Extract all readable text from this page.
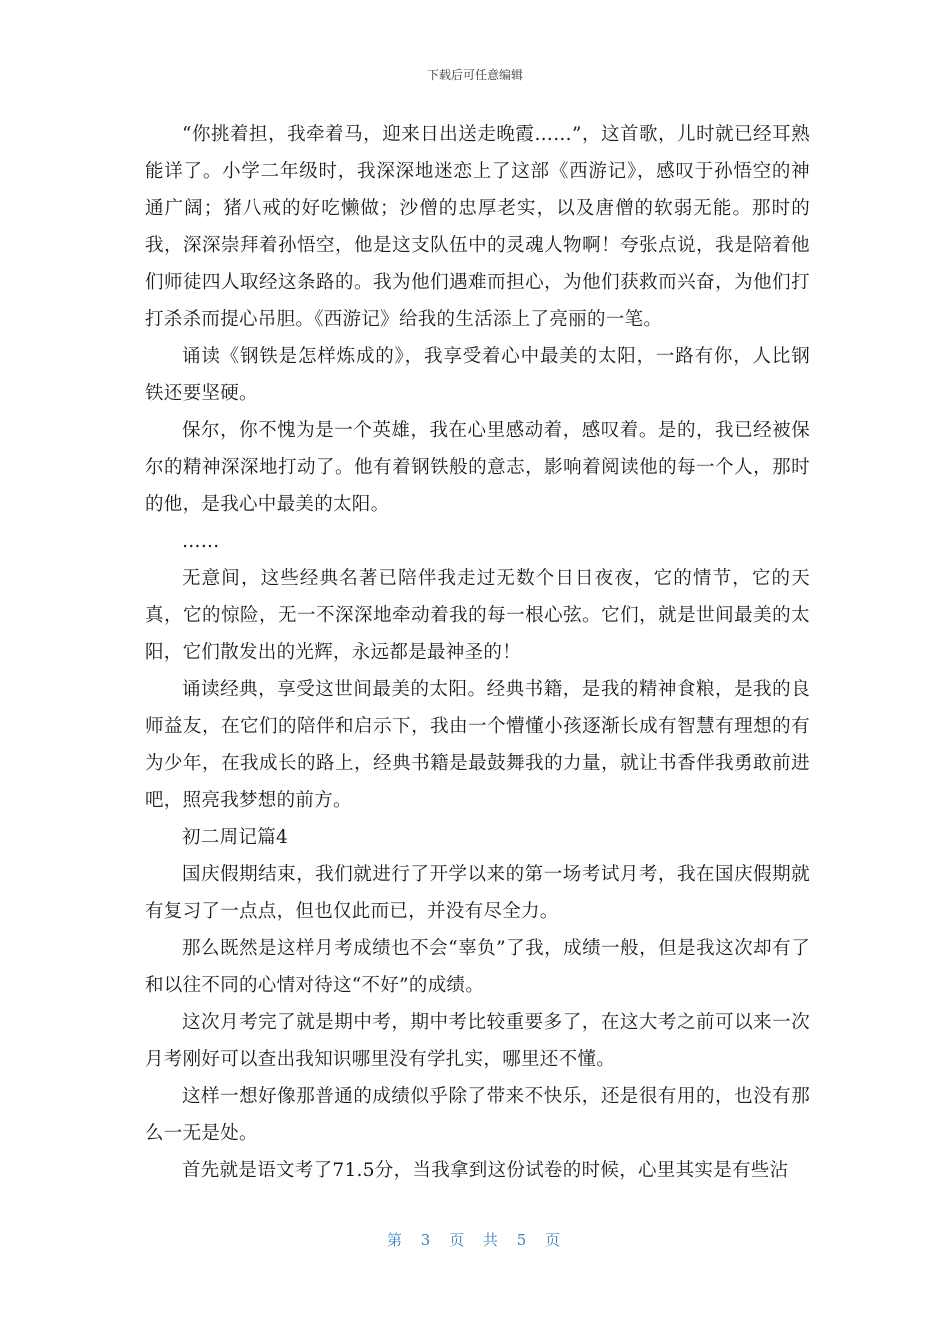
下载后可任意编辑

“你挑着担，我牵着马，迎来日出送走晚霞……”，这首歌，儿时就已经耳熟能详了。小学二年级时，我深深地迷恋上了这部《西游记》，感叹于孙悟空的神通广阔；猪八戒的好吃懒做；沙僧的忠厚老实，以及唐僧的软弱无能。那时的我，深深崇拜着孙悟空，他是这支队伍中的灵魂人物啊！夸张点说，我是陪着他们师徒四人取经这条路的。我为他们遇难而担心，为他们获救而兴奋，为他们打打杀杀而提心吊胆。《西游记》给我的生活添上了亮丽的一笔。

诵读《钢铁是怎样炼成的》，我享受着心中最美的太阳，一路有你，人比钢铁还要坚硬。

保尔，你不愧为是一个英雄，我在心里感动着，感叹着。是的，我已经被保尔的精神深深地打动了。他有着钢铁般的意志，影响着阅读他的每一个人，那时的他，是我心中最美的太阳。

……

无意间，这些经典名著已陪伴我走过无数个日日夜夜，它的情节，它的天真，它的惊险，无一不深深地牵动着我的每一根心弦。它们，就是世间最美的太阳，它们散发出的光辉，永远都是最神圣的！

诵读经典，享受这世间最美的太阳。经典书籍，是我的精神食粮，是我的良师益友，在它们的陪伴和启示下，我由一个懵懂小孩逐渐长成有智慧有理想的有为少年，在我成长的路上，经典书籍是最鼓舞我的力量，就让书香伴我勇敢前进吧，照亮我梦想的前方。

初二周记篇4

国庆假期结束，我们就进行了开学以来的第一场考试月考，我在国庆假期就有复习了一点点，但也仅此而已，并没有尽全力。

那么既然是这样月考成绩也不会“辜负”了我，成绩一般，但是我这次却有了和以往不同的心情对待这“不好”的成绩。

这次月考完了就是期中考，期中考比较重要多了，在这大考之前可以来一次月考刚好可以查出我知识哪里没有学扎实，哪里还不懂。

这样一想好像那普通的成绩似乎除了带来不快乐，还是很有用的，也没有那么一无是处。

首先就是语文考了71.5分，当我拿到这份试卷的时候，心里其实是有些沾

第 3 页 共 5 页
